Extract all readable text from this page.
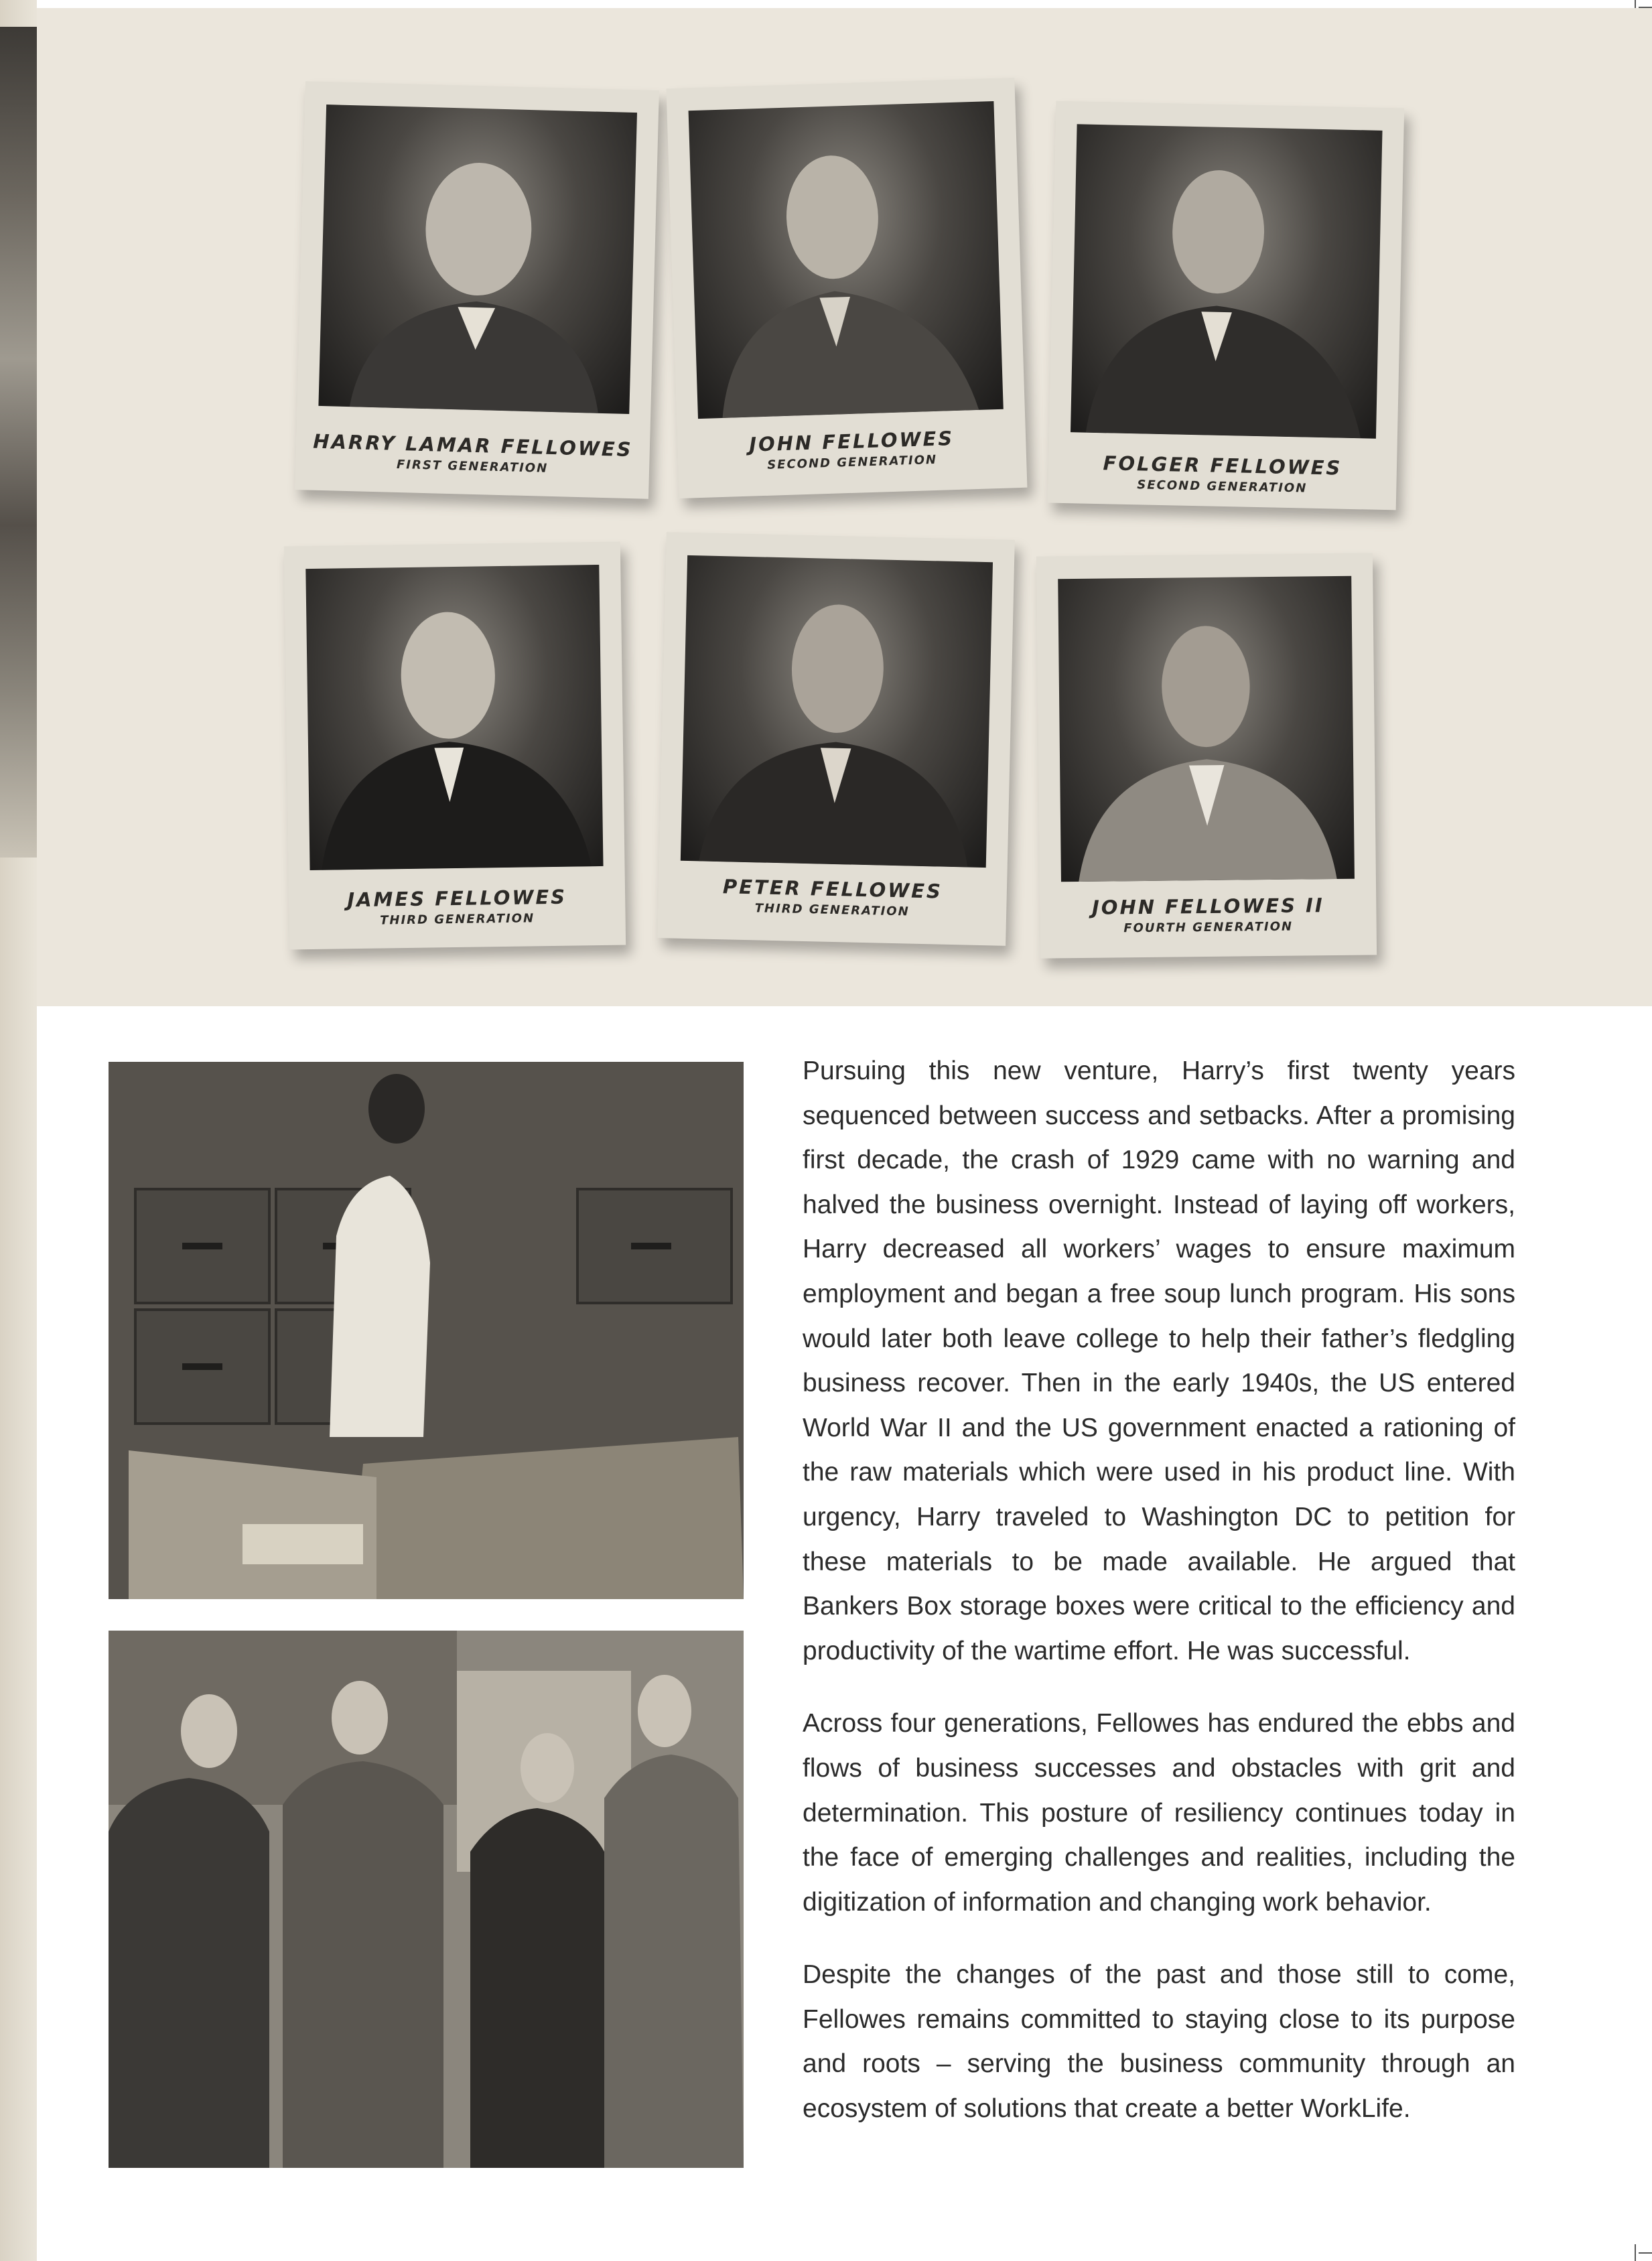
HARRY LAMAR FELLOWES
FIRST GENERATION
JOHN FELLOWES
SECOND GENERATION	FOLGER FELLOWES
SECOND GENERATION
JAMES FELLOWES
THIRD GENERATION
PETER FELLOWES
THIRD GENERATION	JOHN FELLOWES II
FOURTH GENERATION

Pursuing this new venture, Harry’s first twenty years sequenced between success and setbacks. After a promising first decade, the crash of 1929 came with no warning and halved the business overnight. Instead of laying off workers, Harry decreased all workers’ wages to ensure maximum employment and began a free soup lunch program. His sons would later both leave college to help their father’s fledgling business recover. Then in the early 1940s, the US entered World War II and the US government enacted a rationing of the raw materials which were used in his product line. With urgency, Harry traveled to Washington DC to petition for these materials to be made available. He argued that Bankers Box storage boxes were critical to the efficiency and productivity of the wartime effort. He was successful.

Across four generations, Fellowes has endured the ebbs and flows of business successes and obstacles with grit and determination. This posture of resiliency continues today in the face of emerging challenges and realities, including the digitization of information and changing work behavior.

Despite the changes of the past and those still to come, Fellowes remains committed to staying close to its purpose and roots – serving the business community through an ecosystem of solutions that create a better WorkLife.
